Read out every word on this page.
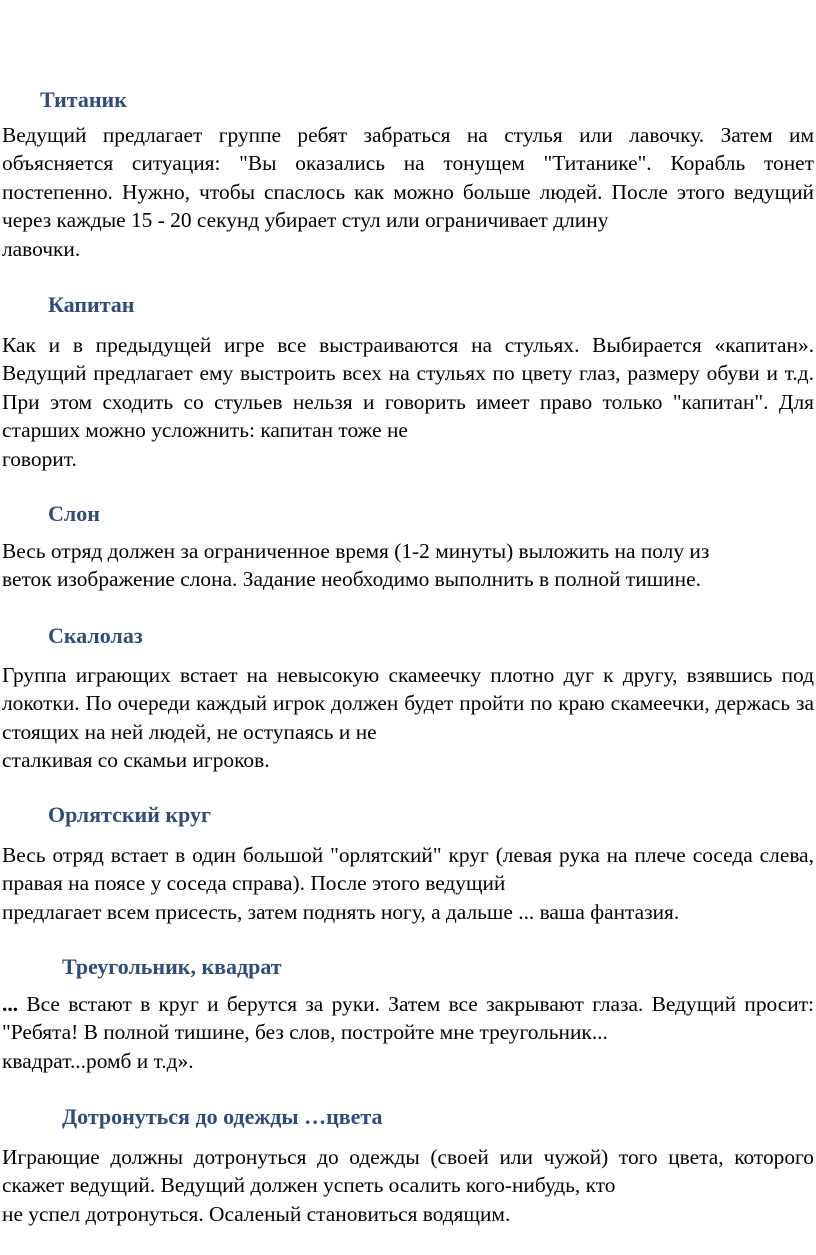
Титаник

Ведущий предлагает группе ребят забраться на стулья или лавочку. Затем им объясняется ситуация: "Вы оказались на тонущем "Титанике". Корабль тонет постепенно. Нужно, чтобы спаслось как можно больше людей. После этого ведущий через каждые 15 - 20 секунд убирает стул или ограничивает длину
лавочки.

Капитан

Как и в предыдущей игре все выстраиваются на стульях. Выбирается «капитан». Ведущий предлагает ему выстроить всех на стульях по цвету глаз, размеру обуви и т.д. При этом сходить со стульев нельзя и говорить имеет право только "капитан". Для старших можно усложнить: капитан тоже не
говорит.

Слон

Весь отряд должен за ограниченное время (1-2 минуты) выложить на полу из
веток изображение слона. Задание необходимо выполнить в полной тишине.

Скалолаз

Группа играющих встает на невысокую скамеечку плотно дуг к другу, взявшись под локотки. По очереди каждый игрок должен будет пройти по краю скамеечки, держась за стоящих на ней людей, не оступаясь и не
сталкивая со скамьи игроков.

Орлятский круг

Весь отряд встает в один большой "орлятский" круг (левая рука на плече соседа слева, правая на поясе у соседа справа). После этого ведущий
предлагает всем присесть, затем поднять ногу, а дальше ... ваша фантазия.

Треугольник, квадрат

... Все встают в круг и берутся за руки. Затем все закрывают глаза. Ведущий просит: "Ребята! В полной тишине, без слов, постройте мне треугольник...
квадрат...ромб и т.д».

Дотронуться до одежды …цвета

Играющие должны дотронуться до одежды (своей или чужой) того цвета, которого скажет ведущий. Ведущий должен успеть осалить кого-нибудь, кто
не успел дотронуться. Осаленый становиться водящим.
